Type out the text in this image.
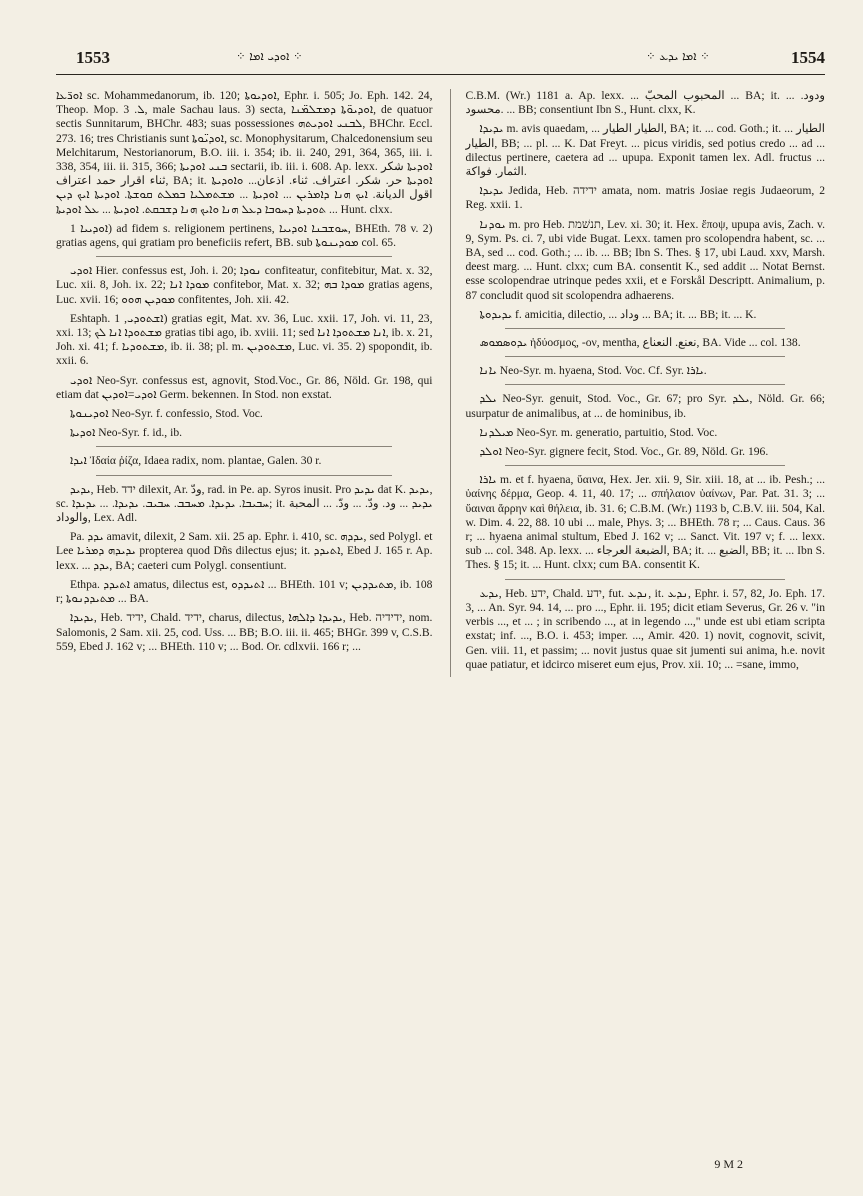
1553	⁘ ܐܘܕܝ ܐܡܐ ⁘	⁘ ܐܡܐ ܝܕܥ ⁘	1554

ܐܘܪ̈ܥܐ sc. Mohammedanorum, ib. 120; ܐܘܕܝܘܬܐ, Ephr. i. 505; Jo. Eph. 142. 24, Theop. Mop. ܠ. 3, male Sachau laus. 3) secta, ܐܘܕܝܘ̈ܬܐ ܕܡܫܠܡ̈ܢܐ, de quatuor sectis Sunnitarum, BHChr. 483; suas possessiones ܠܒܢܝ ܐܘܕܝܬܗ, BHChr. Eccl. 273. 16; tres Christianis sunt ܐܘܕܝ̈ܘܬܐ, sc. Monophysitarum, Chalcedonensium seu Melchitarum, Nestorianorum, B.O. iii. i. 354; ib. ii. 240, 291, 364, 365, iii. i. 338, 354, iii. ii. 315, 366; ܒܢܝ ܐܘܕܝܬܐ sectarii, ib. iii. i. 608. Ap. lexx. ܐܘܕܝܬܐ شكر ثناء اقرار حمد اعتراف, BA; it. ܐܘܕܝܬܐ حر. شكر. اعتراف. ثناء. اذعان... ܘܐܘܕܝܬܐ اقول الديانة. ܐܝܟ ܗܢܐ ܕܐܡܪܝܢ ... ܐܘܕܝܬܐ ... ܡܫܬܡܠܝܐ ܒܡܠܬ ܩܘܫܬܐ. ܐܘܕܝܬܐ ܐܝܟ ܕܝܢ ܬܘܕܝܬܐ ܕܚܘܒܐ ܕܥܠ ܗܢܐ ܘܐܝܟ ܗܢܐ ܕܫܒܩܬ. ܐܘܕܝܬܐ ... ܥܠ ܐܘܕܝܬܐ ... Hunt. clxx.

ܐܘܕܝܝܐ 1) ad fidem s. religionem pertinens, ܚܘܫܒܢܐ ܐܘܕܝܝܐ, BHEth. 78 v. 2) gratias agens, qui gratiam pro beneficiis refert, BB. sub ܡܘܕܝܢܘܬܐ col. 65.

ܐܘܕܝ Hier. confessus est, Joh. i. 20; ܢܘܕܐ confiteatur, confitebitur, Mat. x. 32, Luc. xii. 8, Joh. ix. 22; ܡܘܕܐ ܐܢܐ confitebor, Mat. x. 32; ܡܘܕܐ ܒܗ gratias agens, Luc. xvii. 16; ܡܘܕܝܢ ܗܘܘ confitentes, Joh. xii. 42.

Eshtaph. ܐܫܬܘܕܝ, 1) gratias egit, Mat. xv. 36, Luc. xxii. 17, Joh. vi. 11, 23, xxi. 13; ܡܫܬܘܕܐ ܐܢܐ ܠܟ gratias tibi ago, ib. xviii. 11; sed ܐܢܐ ܡܫܬܘܕܐ ܐܢܐ, ib. x. 21, Joh. xi. 41; f. ܡܫܬܘܕܝܐ, ib. ii. 38; pl. m. ܡܫܬܘܕܝܢ, Luc. vi. 35. 2) spopondit, ib. xxii. 6.

ܐܘܕܝ Neo-Syr. confessus est, agnovit, Stod.Voc., Gr. 86, Nöld. Gr. 198, qui etiam dat ܐܘܕܝ=ܐܘܕܝܢ Germ. bekennen. In Stod. non exstat.

ܐܘܕܝܢܘܬܐ Neo-Syr. f. confessio, Stod. Voc.

ܐܘܕܝܬܐ Neo-Syr. f. id., ib.

ܐܝܕܐ Ἰδαία ῥίζα, Idaea radix, nom. plantae, Galen. 30 r.

ܝܕܝܕ, Heb. ידד dilexit, Ar. ودّ, rad. in Pe. ap. Syros inusit. Pro ܝܕܝܕ dat K. ܝܕܝܕ, sc. ܚܒܝܒܐ. ܝܕܝܕܐ. ܡܚܒܒ. ܚܒܝܒ. ܝܕܝܕܐ. ... ܝܕܝܕܐ; it. ܝܕܝܕ ... ود. ودّ. ... ودّ. ... المحبة والوداد, Lex. Adl.

Pa. ܝܕܕ amavit, dilexit, 2 Sam. xii. 25 ap. Ephr. i. 410, sc. ܝܕܕܗ, sed Polygl. et Lee ܝܕܝܕܗ ܕܡܪܝܐ propterea quod Dñs dilectus ejus; it. ܐܬܝܕܕ, Ebed J. 165 r. Ap. lexx. ... ܝܕܕ, BA; caeteri cum Polygl. consentiunt.

Ethpa. ܐܬܝܕܕ amatus, dilectus est, ܐܬܝܕܕܘ ... BHEth. 101 v; ܡܬܝܕܕܝܢ, ib. 108 r; ܡܬܝܕܕܢܘܬܐ ... BA.

ܝܕܝܕܐ, Heb. ידיד, Chald. ידיד, charus, dilectus, ܝܕܝܕܐ ܕܐܠܗܐ, Heb. ידידיה, nom. Salomonis, 2 Sam. xii. 25, cod. Uss. ... BB; B.O. iii. ii. 465; BHGr. 399 v, C.S.B. 559, Ebed J. 162 v; ... BHEth. 110 v; ... Bod. Or. cdlxvii. 166 r; ...

C.B.M. (Wr.) 1181 a. Ap. lexx. ... المحبوب المحبّ ... BA; it. ... ودود. محسود. ... BB; consentiunt Ibn S., Hunt. clxx, K.

ܝܕܝܕܐ m. avis quaedam, ... الطيار الطيار, BA; it. ... cod. Goth.; it. ... الطيار الطيار, BB; ... pl. ... K. Dat Freyt. ... picus viridis, sed potius credo ... ad ... dilectus pertinere, caetera ad ... upupa. Exponit tamen lex. Adl. fructus ... الثمار. فواكة.

ܝܕܝܕܐ Jedida, Heb. ידידה amata, nom. matris Josiae regis Judaeorum, 2 Reg. xxii. 1.

ܝܘܕܢܐ m. pro Heb. תנשׁמת, Lev. xi. 30; it. Hex. ἔποψ, upupa avis, Zach. v. 9, Sym. Ps. ci. 7, ubi vide Bugat. Lexx. tamen pro scolopendra habent, sc. ... BA, sed ... cod. Goth.; ... ib. ... BB; Ibn S. Thes. § 17, ubi Laud. xxv, Marsh. deest marg. ... Hunt. clxx; cum BA. consentit K., sed addit ... Notat Bernst. esse scolopendrae utrinque pedes xxii, et e Forskål Descriptt. Animalium, p. 87 concludit quod sit scolopendra adhaerens.

ܝܕܝܕܘܬܐ f. amicitia, dilectio, ... وداد ... BA; it. ... BB; it. ... K.

ܝܕܘܣܡܘܣ ἡδύοσμος, -ον, mentha, نعنع. النعناع, BA. Vide ... col. 138.

ܝܐܢܐ Neo-Syr. m. hyaena, Stod. Voc. Cf. Syr. ܝܐܪܐ.

ܝܠܕ Neo-Syr. genuit, Stod. Voc., Gr. 67; pro Syr. ܝܠܕ, Nöld. Gr. 66; usurpatur de animalibus, at ... de hominibus, ib.

ܡܝܠܕܢܐ Neo-Syr. m. generatio, partuitio, Stod. Voc.

ܐܘܠܕ Neo-Syr. gignere fecit, Stod. Voc., Gr. 89, Nöld. Gr. 196.

ܝܐܪܐ m. et f. hyaena, ὕαινα, Hex. Jer. xii. 9, Sir. xiii. 18, at ... ib. Pesh.; ... ὑαίνης δέρμα, Geop. 4. 11, 40. 17; ... σπήλαιον ὑαίνων, Par. Pat. 31. 3; ... ὕαιναι ἄρρην καὶ θήλεια, ib. 31. 6; C.B.M. (Wr.) 1193 b, C.B.V. iii. 504, Kal. w. Dim. 4. 22, 88. 10 ubi ... male, Phys. 3; ... BHEth. 78 r; ... Caus. Caus. 36 r; ... hyaena animal stultum, Ebed J. 162 v; ... Sanct. Vit. 197 v; f. ... lexx. sub ... col. 348. Ap. lexx. ... الضبعة العرجاء, BA; it. ... الضبع, BB; it. ... Ibn S. Thes. § 15; it. ... Hunt. clxx; cum BA. consentit K.

ܝܕܥ, Heb. ידע, Chald. ידע, fut. ܢܕܥ, it. ܢܕܥ, Ephr. i. 57, 82, Jo. Eph. 17. 3, ... An. Syr. 94. 14, ... pro ..., Ephr. ii. 195; dicit etiam Severus, Gr. 26 v. "in verbis ..., et ... ; in scribendo ..., at in legendo ...," unde est ubi etiam scripta exstat; inf. ..., B.O. i. 453; imper. ..., Amir. 420. 1) novit, cognovit, scivit, Gen. viii. 11, et passim; ... novit justus quae sit jumenti sui anima, h.e. novit quae patiatur, et idcirco miseret eum ejus, Prov. xii. 10; ... =sane, immo,

9 M 2
